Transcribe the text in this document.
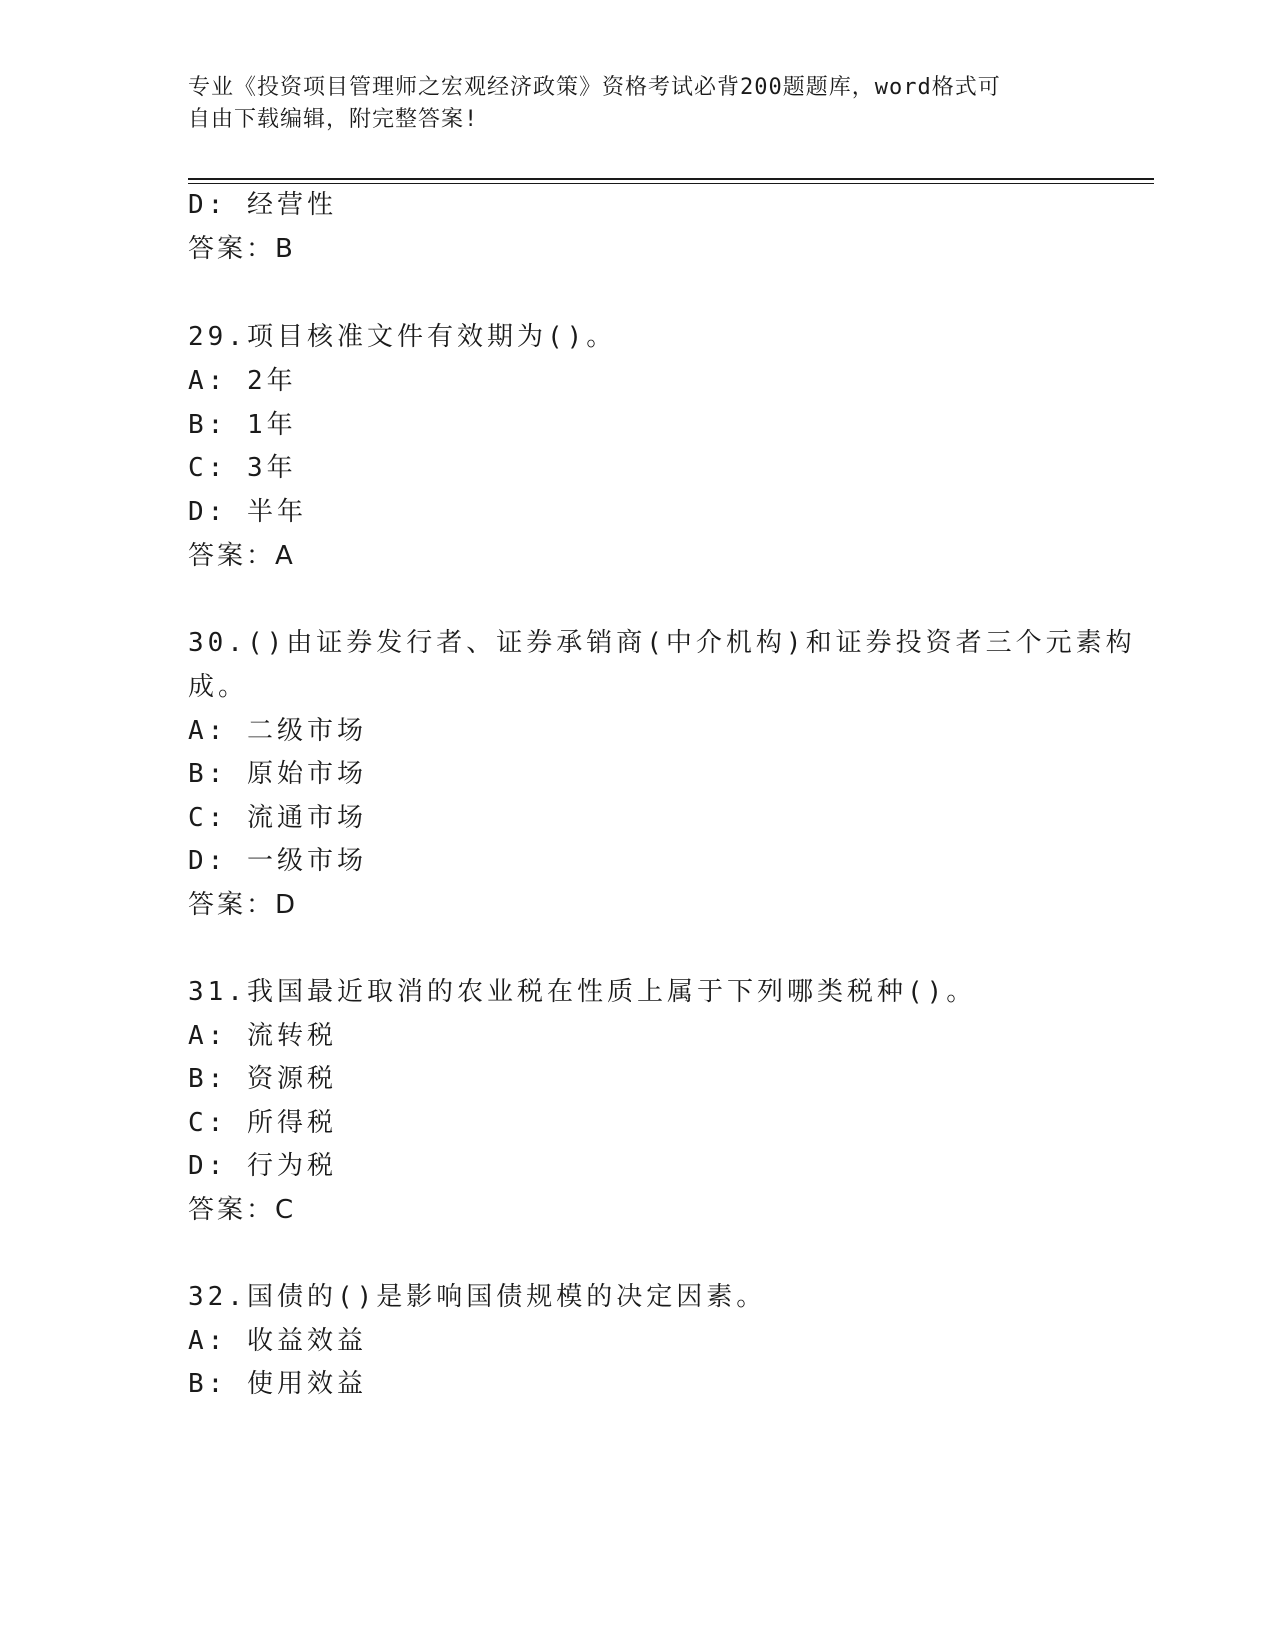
专业《投资项目管理师之宏观经济政策》资格考试必背200题题库，word格式可
自由下载编辑，附完整答案!
D: 经营性
答案：B
29.项目核准文件有效期为()。
A: 2年
B: 1年
C: 3年
D: 半年
答案：A
30.()由证券发行者、证券承销商(中介机构)和证券投资者三个元素构
成。
A: 二级市场
B: 原始市场
C: 流通市场
D: 一级市场
答案：D
31.我国最近取消的农业税在性质上属于下列哪类税种()。
A: 流转税
B: 资源税
C: 所得税
D: 行为税
答案：C
32.国债的()是影响国债规模的决定因素。
A: 收益效益
B: 使用效益
